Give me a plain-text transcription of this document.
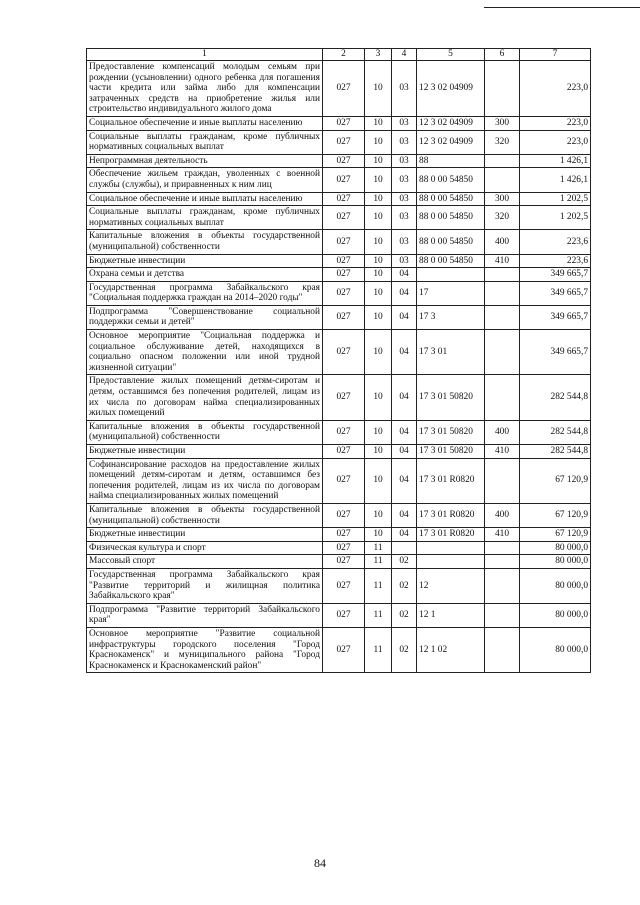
1	2	3	4	5	6	7
Предоставление компенсаций молодым семьям при рождении (усыновлении) одного ребенка для погашения части кредита или займа либо для компенсации затраченных средств на приобретение жилья или строительство индивидуального жилого дома	027	10	03	12 3 02 04909		223,0
Социальное обеспечение и иные выплаты населению	027	10	03	12 3 02 04909	300	223,0
Социальные выплаты гражданам, кроме публичных нормативных социальных выплат	027	10	03	12 3 02 04909	320	223,0
Непрограммная деятельность	027	10	03	88		1 426,1
Обеспечение жильем граждан, уволенных с военной службы (службы), и приравненных к ним лиц	027	10	03	88 0 00 54850		1 426,1
Социальное обеспечение и иные выплаты населению	027	10	03	88 0 00 54850	300	1 202,5
Социальные выплаты гражданам, кроме публичных нормативных социальных выплат	027	10	03	88 0 00 54850	320	1 202,5
Капитальные вложения в объекты государственной (муниципальной) собственности	027	10	03	88 0 00 54850	400	223,6
Бюджетные инвестиции	027	10	03	88 0 00 54850	410	223,6
Охрана семьи и детства	027	10	04			349 665,7
Государственная программа Забайкальского края "Социальная поддержка граждан на 2014–2020 годы"	027	10	04	17		349 665,7
Подпрограмма "Совершенствование социальной поддержки семьи и детей"	027	10	04	17 3		349 665,7
Основное мероприятие "Социальная поддержка и социальное обслуживание детей, находящихся в социально опасном положении или иной трудной жизненной ситуации"	027	10	04	17 3 01		349 665,7
Предоставление жилых помещений детям-сиротам и детям, оставшимся без попечения родителей, лицам из их числа по договорам найма специализированных жилых помещений	027	10	04	17 3 01 50820		282 544,8
Капитальные вложения в объекты государственной (муниципальной) собственности	027	10	04	17 3 01 50820	400	282 544,8
Бюджетные инвестиции	027	10	04	17 3 01 50820	410	282 544,8
Софинансирование расходов на предоставление жилых помещений детям-сиротам и детям, оставшимся без попечения родителей, лицам из их числа по договорам найма специализированных жилых помещений	027	10	04	17 3 01 R0820		67 120,9
Капитальные вложения в объекты государственной (муниципальной) собственности	027	10	04	17 3 01 R0820	400	67 120,9
Бюджетные инвестиции	027	10	04	17 3 01 R0820	410	67 120,9
Физическая культура и спорт	027	11				80 000,0
Массовый спорт	027	11	02			80 000,0
Государственная программа Забайкальского края "Развитие территорий и жилищная политика Забайкальского края"	027	11	02	12		80 000,0
Подпрограмма "Развитие территорий Забайкальского края"	027	11	02	12 1		80 000,0
Основное мероприятие "Развитие социальной инфраструктуры городского поселения "Город Краснокаменск" и муниципального района "Город Краснокаменск и Краснокаменский район"	027	11	02	12 1 02		80 000,0
84
